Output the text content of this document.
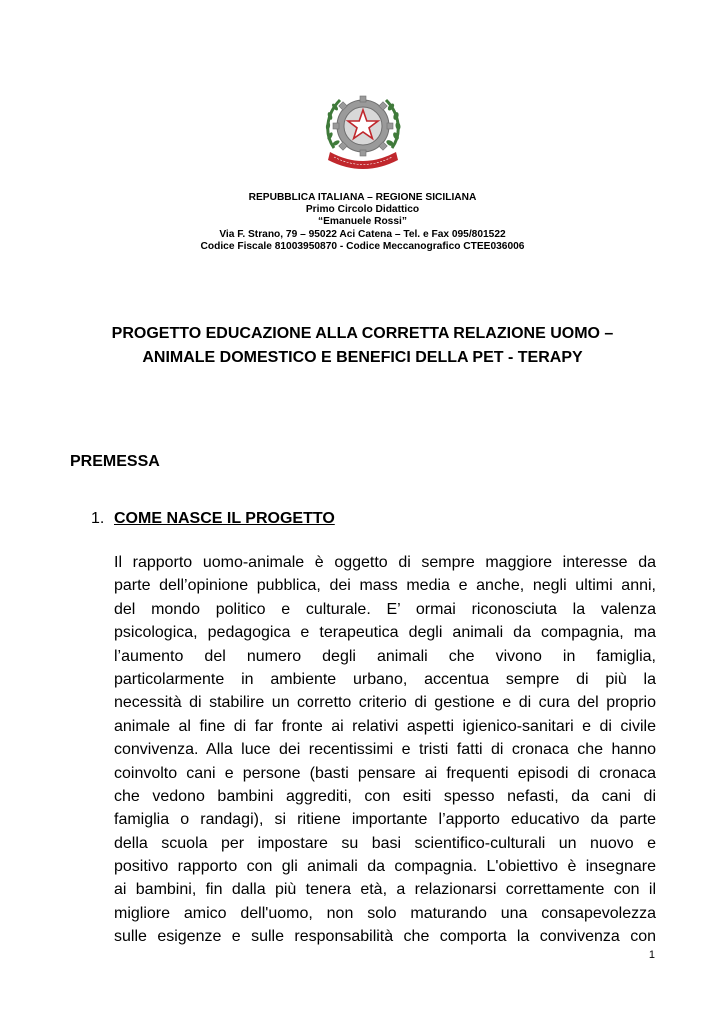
REPUBBLICA ITALIANA – REGIONE SICILIANA
Primo Circolo Didattico
“Emanuele Rossi”
Via F. Strano, 79 – 95022 Aci Catena – Tel. e Fax 095/801522
Codice Fiscale 81003950870 - Codice Meccanografico CTEE036006
PROGETTO EDUCAZIONE ALLA CORRETTA RELAZIONE UOMO –
ANIMALE DOMESTICO E BENEFICI DELLA PET - TERAPY
PREMESSA
1. COME NASCE IL PROGETTO
Il rapporto uomo-animale è oggetto di sempre maggiore interesse da
parte dell’opinione pubblica, dei mass media e anche, negli ultimi anni,
del mondo politico e culturale. E’ ormai riconosciuta la valenza
psicologica, pedagogica e terapeutica degli animali da compagnia, ma
l’aumento del numero degli animali che vivono in famiglia,
particolarmente in ambiente urbano, accentua sempre di più la
necessità di stabilire un corretto criterio di gestione e di cura del proprio
animale al fine di far fronte ai relativi aspetti igienico-sanitari e di civile
convivenza. Alla luce dei recentissimi e tristi fatti di cronaca che hanno
coinvolto cani e persone (basti pensare ai frequenti episodi di cronaca
che vedono bambini aggrediti, con esiti spesso nefasti, da cani di
famiglia o randagi), si ritiene importante l’apporto educativo da parte
della scuola per impostare su basi scientifico-culturali un nuovo e
positivo rapporto con gli animali da compagnia. L'obiettivo è insegnare
ai bambini, fin dalla più tenera età, a relazionarsi correttamente con il
migliore amico dell'uomo, non solo maturando una consapevolezza
sulle esigenze e sulle responsabilità che comporta la convivenza con
1
